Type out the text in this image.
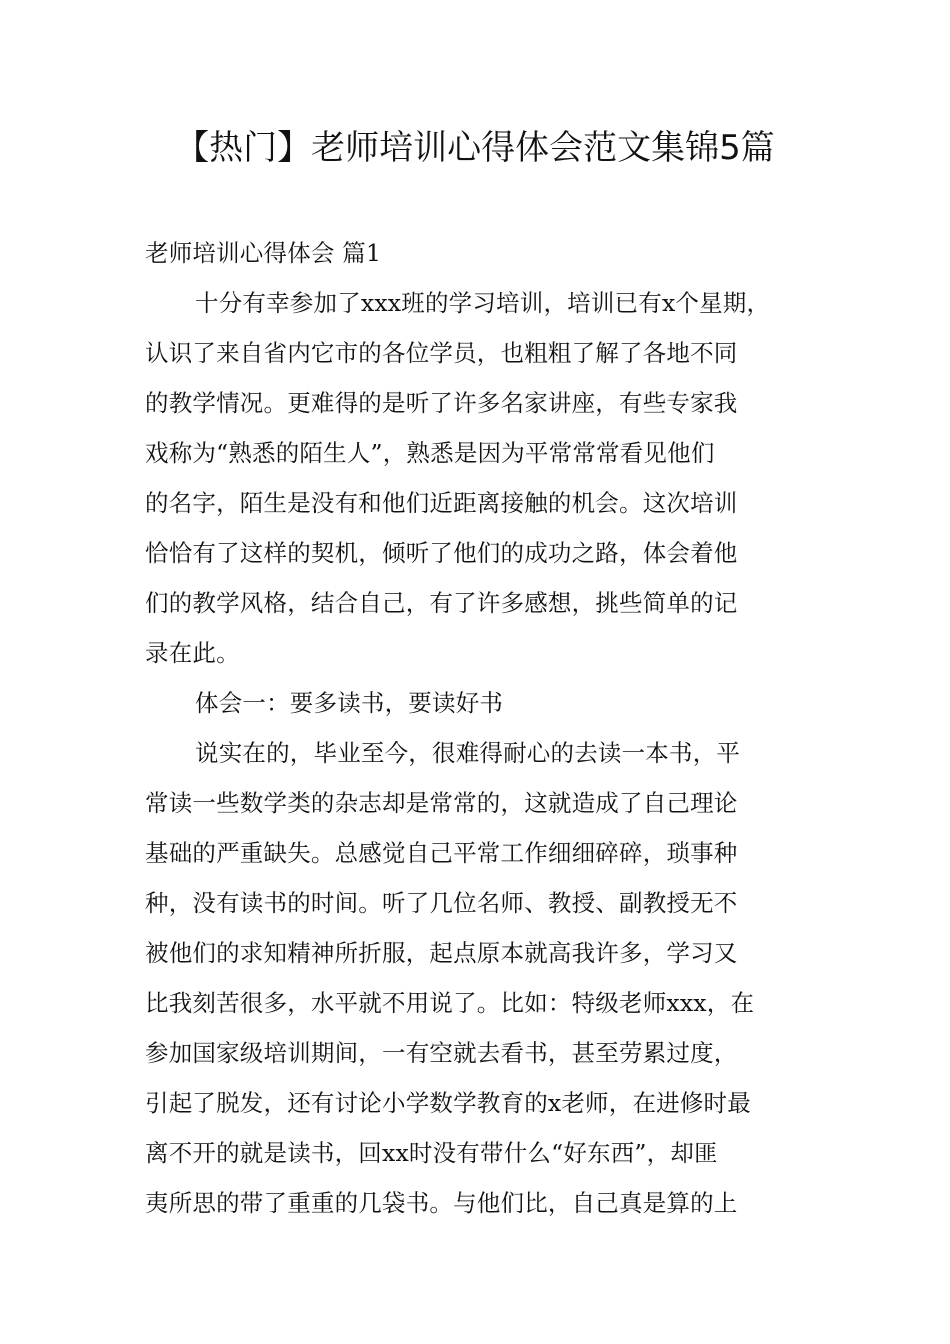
【热门】老师培训心得体会范文集锦5篇
老师培训心得体会 篇1
十分有幸参加了xxx班的学习培训，培训已有x个星期，
认识了来自省内它市的各位学员，也粗粗了解了各地不同
的教学情况。更难得的是听了许多名家讲座，有些专家我
戏称为“熟悉的陌生人”，熟悉是因为平常常常看见他们
的名字，陌生是没有和他们近距离接触的机会。这次培训
恰恰有了这样的契机，倾听了他们的成功之路，体会着他
们的教学风格，结合自己，有了许多感想，挑些简单的记
录在此。
体会一：要多读书，要读好书
说实在的，毕业至今，很难得耐心的去读一本书，平
常读一些数学类的杂志却是常常的，这就造成了自己理论
基础的严重缺失。总感觉自己平常工作细细碎碎，琐事种
种，没有读书的时间。听了几位名师、教授、副教授无不
被他们的求知精神所折服，起点原本就高我许多，学习又
比我刻苦很多，水平就不用说了。比如：特级老师xxx，在
参加国家级培训期间，一有空就去看书，甚至劳累过度，
引起了脱发，还有讨论小学数学教育的x老师，在进修时最
离不开的就是读书，回xx时没有带什么“好东西”，却匪
夷所思的带了重重的几袋书。与他们比，自己真是算的上
